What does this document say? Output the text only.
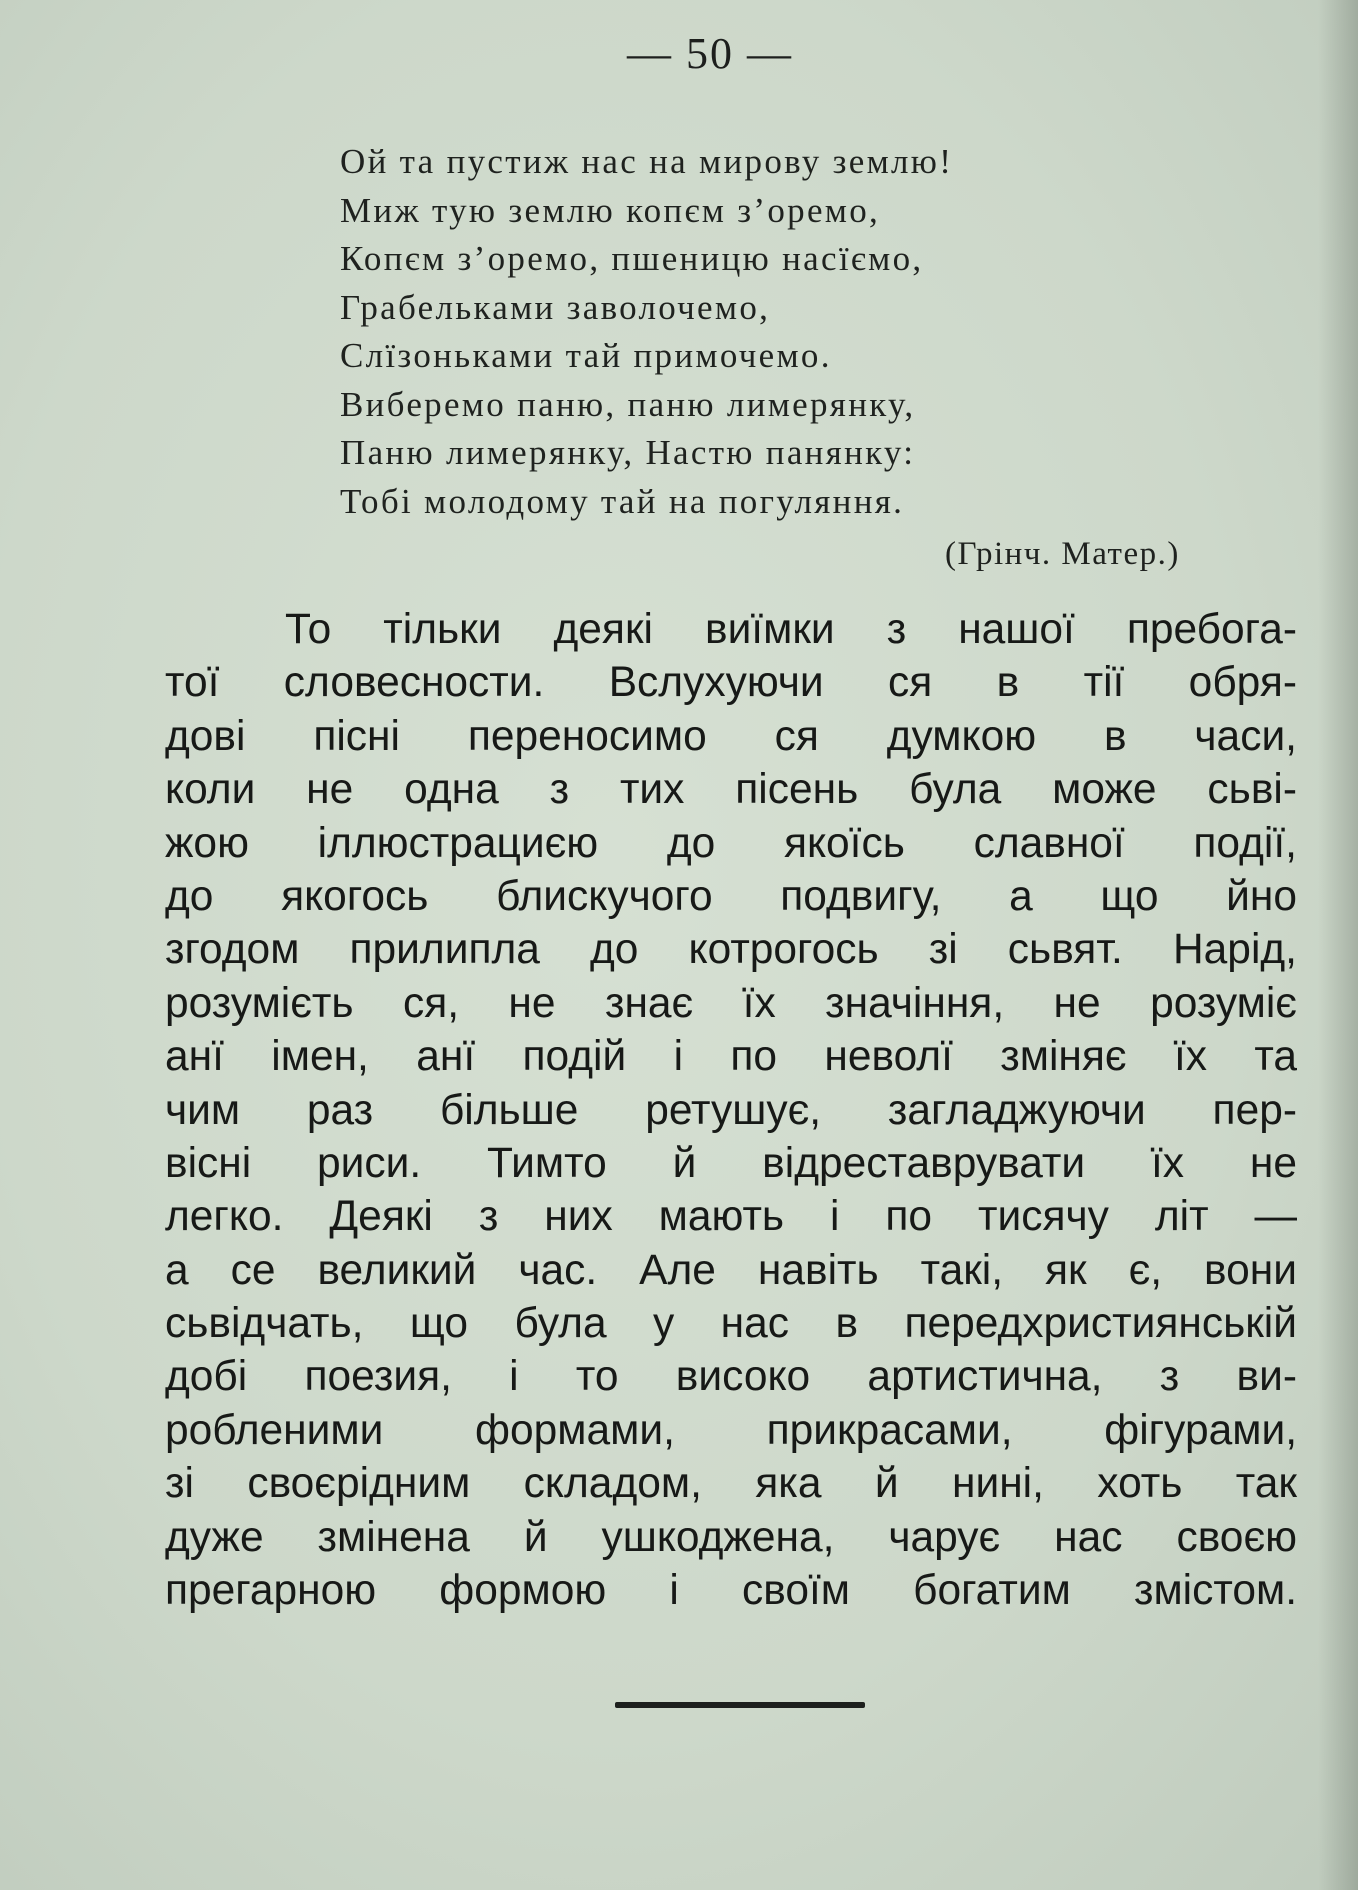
— 50 —
Ой та пустиж нас на мирову землю!
Миж тую землю копєм з’оремо,
Копєм з’оремо, пшеницю насїємо,
Грабельками заволочемо,
Слїзоньками тай примочемо.
Виберемо паню, паню лимерянку,
Паню лимерянку, Настю панянку:
Тобі молодому тай на погуляння.
(Грінч. Матер.)
То тільки деякі виїмки з нашої пребога-
тої словесности. Вслухуючи ся в тії обря-
дові пісні переносимо ся думкою в часи,
коли не одна з тих пісень була може сьві-
жою іллюстрациєю до якоїсь славної події,
до якогось блискучого подвигу, а що йно
згодом прилипла до котрогось зі сьвят. Нарід,
розумієть ся, не знає їх значіння, не розуміє
анї імен, анї подій і по неволї зміняє їх та
чим раз більше ретушує, загладжуючи пер-
вісні риси. Тимто й відреставрувати їх не
легко. Деякі з них мають і по тисячу літ —
а се великий час. Але навіть такі, як є, вони
сьвідчать, що була у нас в передхристиянській
добі поезия, і то високо артистична, з ви-
робленими формами, прикрасами, фігурами,
зі своєрідним складом, яка й нині, хоть так
дуже змінена й ушкоджена, чарує нас своєю
прегарною формою і своїм богатим змістом.
